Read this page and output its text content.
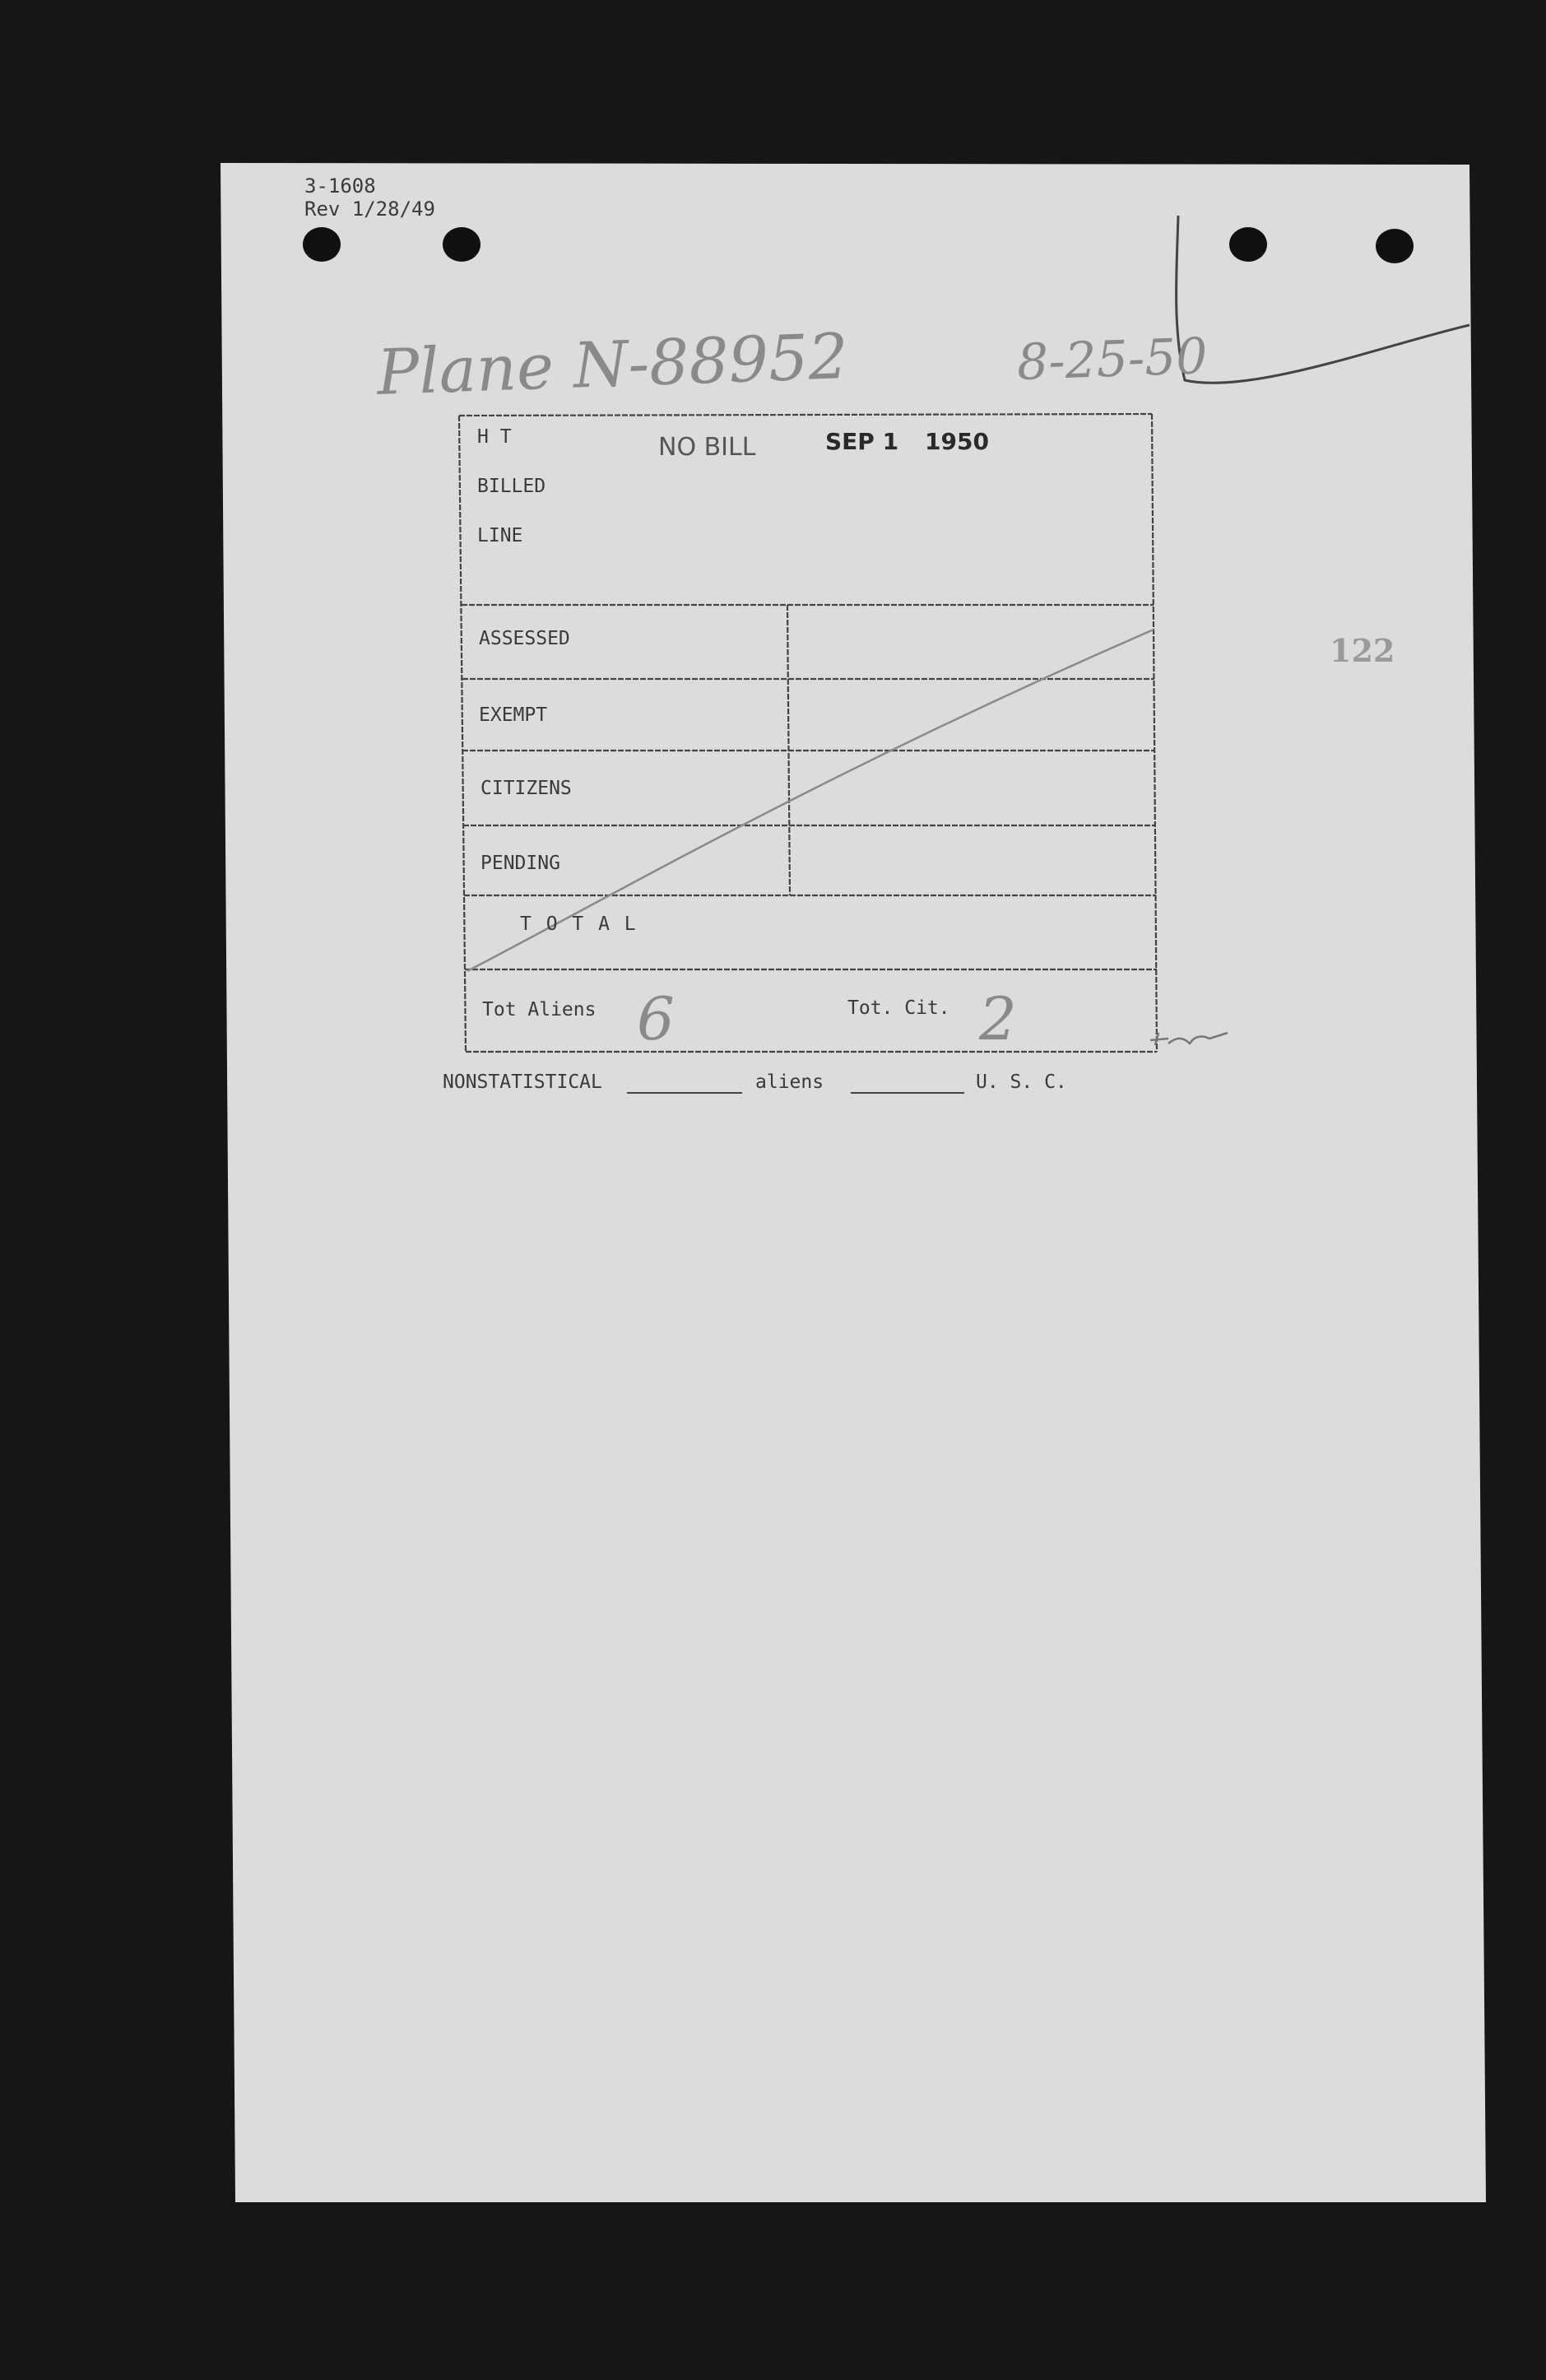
3-1608
Rev 1/28/49
Plane N-88952	8-25-50
H T
BILLED
LINE
NO BILL	SEP 1 1950
ASSESSED
EXEMPT
CITIZENS
PENDING
T O T A L
Tot Aliens 6	Tot. Cit. 2
NONSTATISTICAL	aliens	U. S. C.
122
